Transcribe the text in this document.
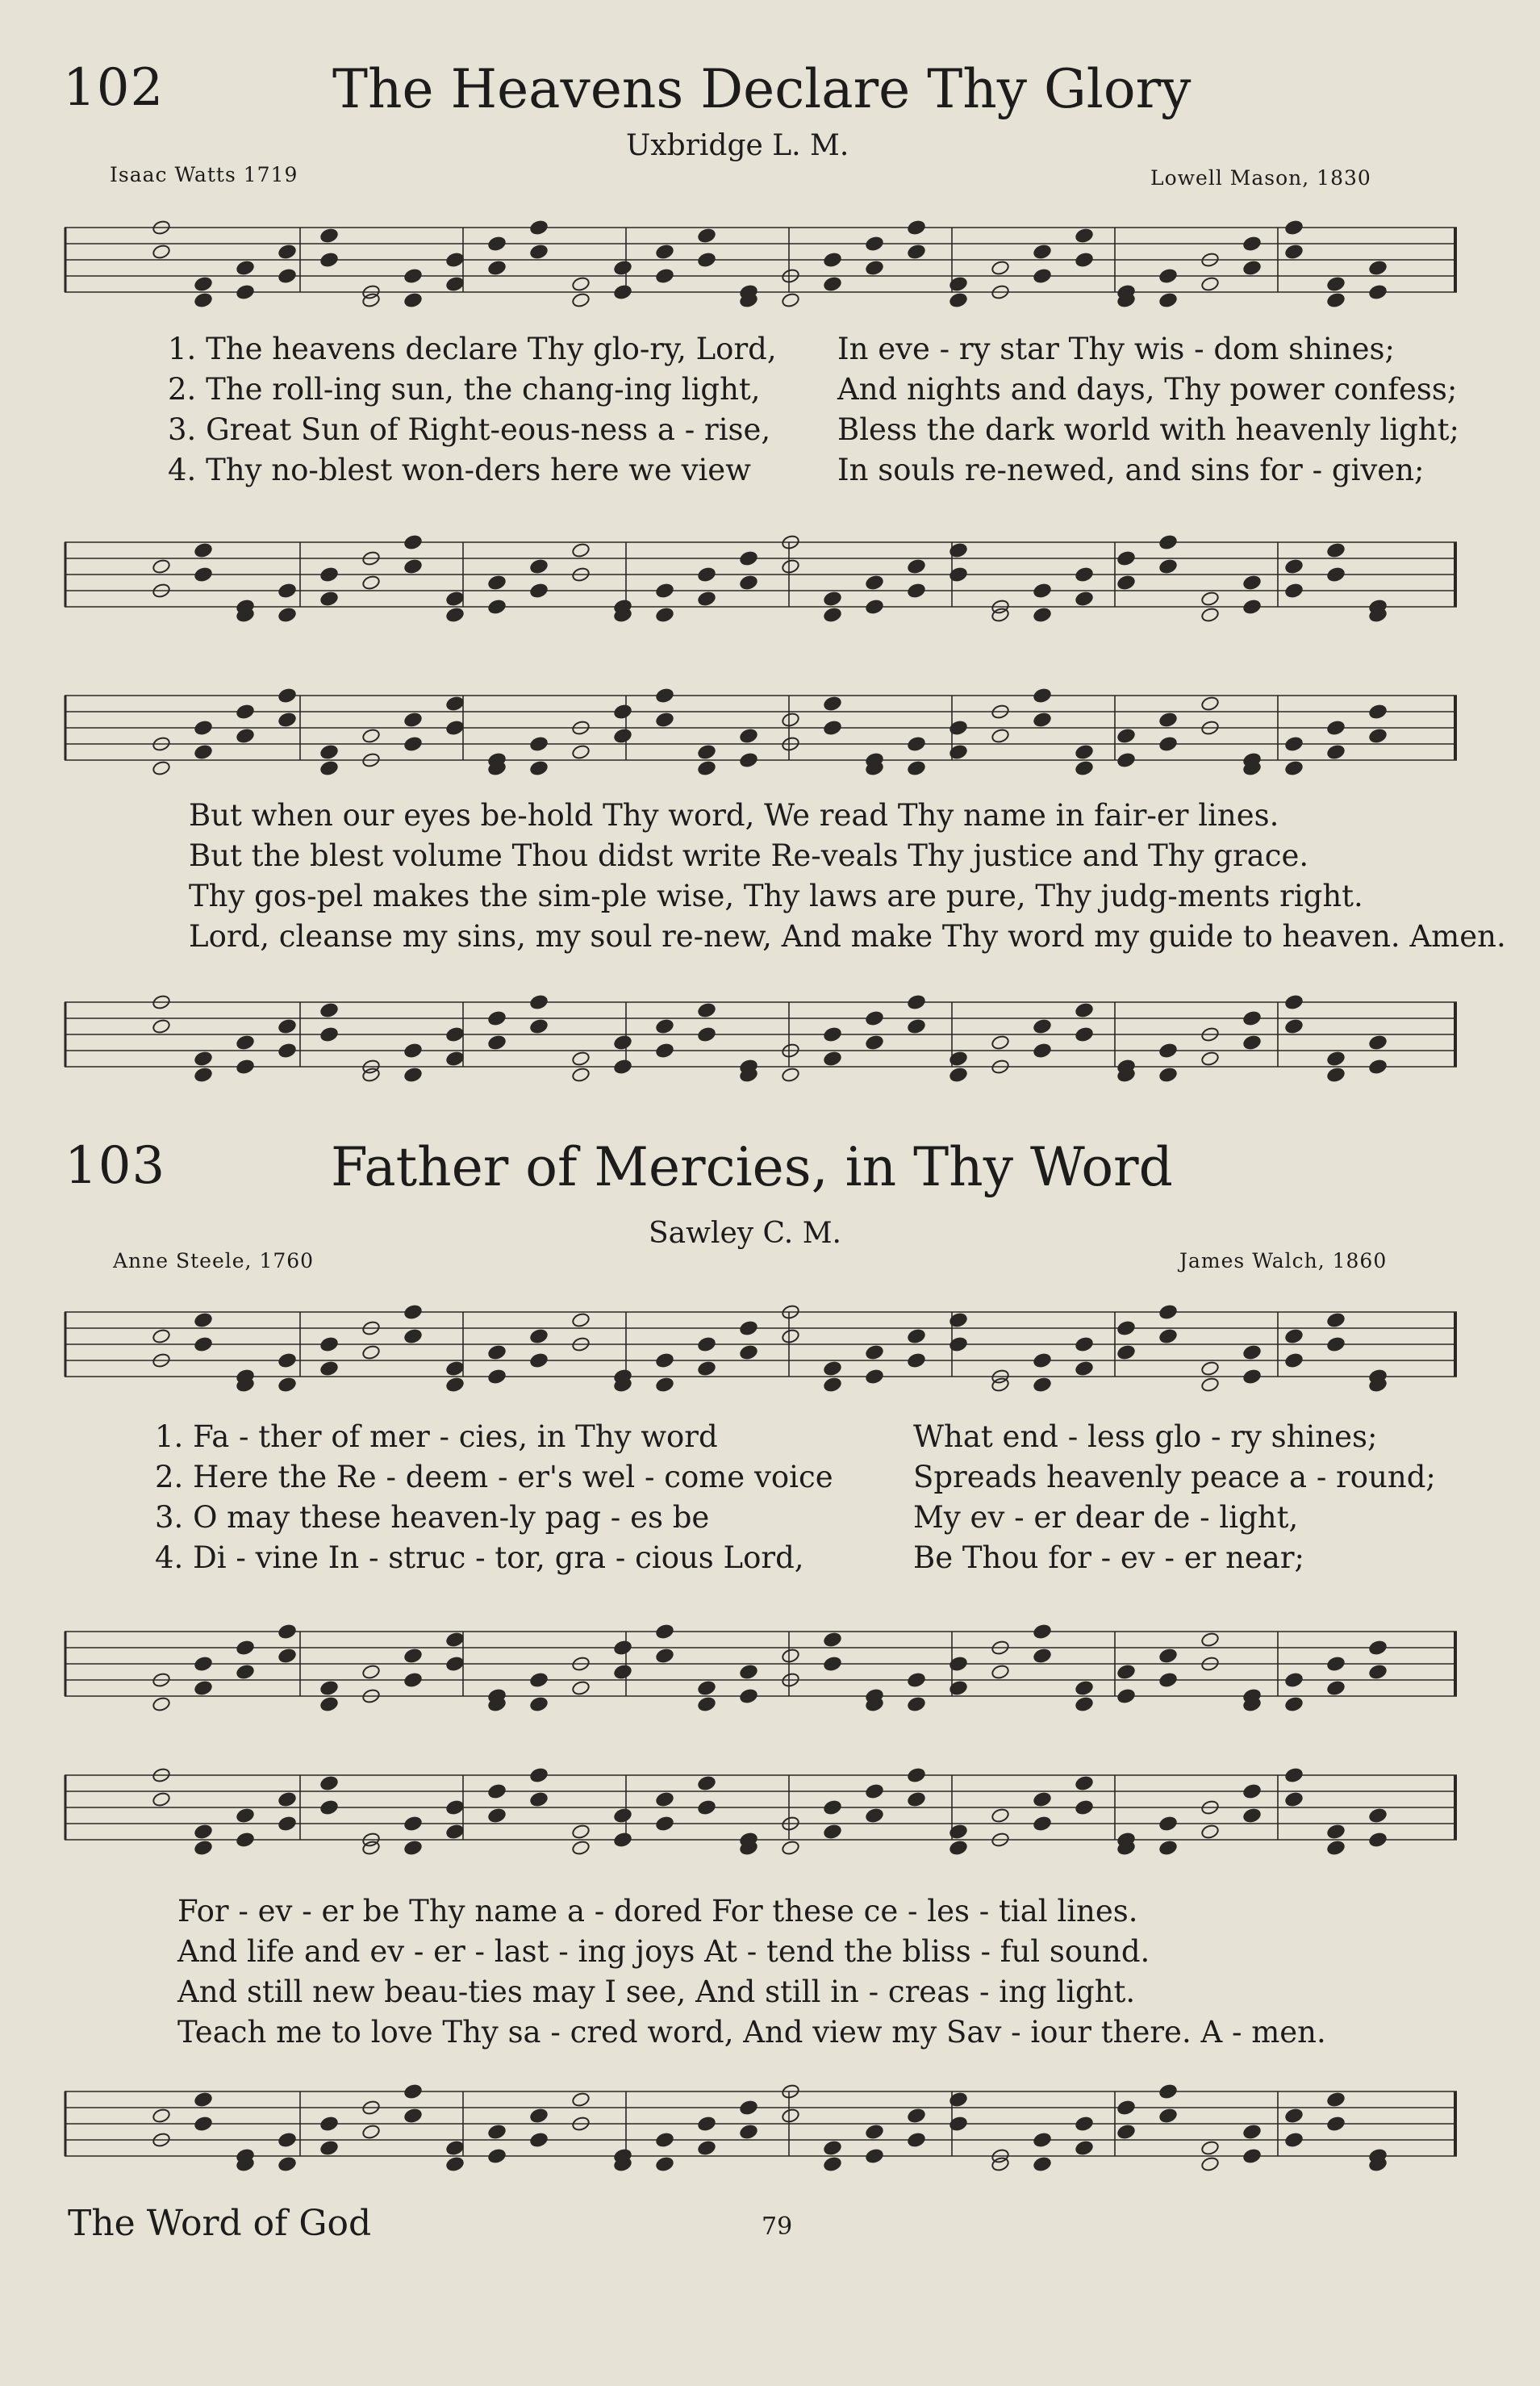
102	The Heavens Declare Thy Glory
Uxbridge L. M.
Isaac Watts 1719	Lowell Mason, 1830
1. The heavens declare Thy glo-ry, Lord,
2. The roll-ing sun, the chang-ing light,
3. Great Sun of Right-eous-ness a - rise,
4. Thy no-blest won-ders here we view
In eve - ry star Thy wis - dom shines;
And nights and days, Thy power confess;
Bless the dark world with heavenly light;
In souls re-newed, and sins for - given;
But when our eyes be-hold Thy word, We read Thy name in fair-er lines.
But the blest volume Thou didst write Re-veals Thy justice and Thy grace.
Thy gos-pel makes the sim-ple wise, Thy laws are pure, Thy judg-ments right.
Lord, cleanse my sins, my soul re-new, And make Thy word my guide to heaven. Amen.
103	Father of Mercies, in Thy Word
Sawley C. M.
Anne Steele, 1760	James Walch, 1860
1. Fa - ther of mer - cies, in Thy word
2. Here the Re - deem - er's wel - come voice
3. O may these heaven-ly pag - es be
4. Di - vine In - struc - tor, gra - cious Lord,
What end - less glo - ry shines;
Spreads heavenly peace a - round;
My ev - er dear de - light,
Be Thou for - ev - er near;
For - ev - er be Thy name a - dored For these ce - les - tial lines.
And life and ev - er - last - ing joys At - tend the bliss - ful sound.
And still new beau-ties may I see, And still in - creas - ing light.
Teach me to love Thy sa - cred word, And view my Sav - iour there. A - men.
The Word of God	79
